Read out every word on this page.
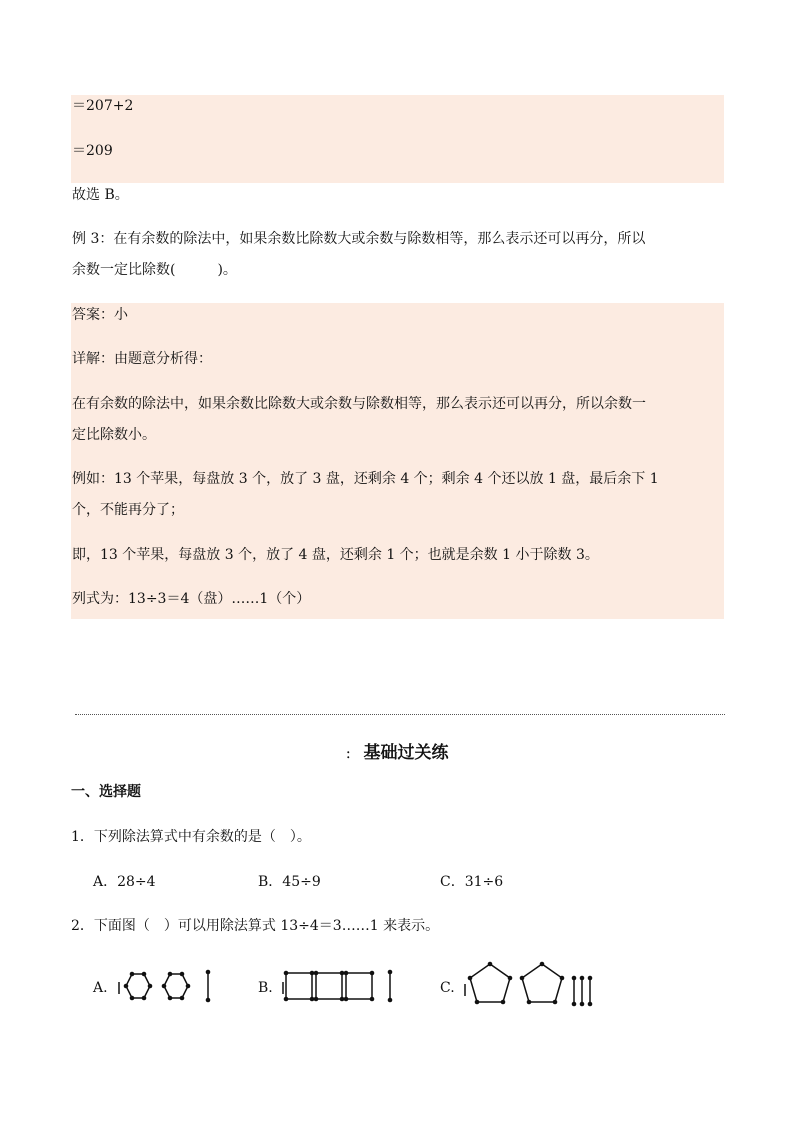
＝207+2
＝209
故选 B。
例 3：在有余数的除法中，如果余数比除数大或余数与除数相等，那么表示还可以再分，所以
余数一定比除数(　　　)。
答案：小
详解：由题意分析得：
在有余数的除法中，如果余数比除数大或余数与除数相等，那么表示还可以再分，所以余数一
定比除数小。
例如：13 个苹果，每盘放 3 个，放了 3 盘，还剩余 4 个；剩余 4 个还以放 1 盘，最后余下 1
个，不能再分了；
即，13 个苹果，每盘放 3 个，放了 4 盘，还剩余 1 个；也就是余数 1 小于除数 3。
列式为：13÷3＝4（盘）……1（个）
： 基础过关练
一、选择题
1．下列除法算式中有余数的是（　）。
A．28÷4	B．45÷9	C．31÷6
2．下面图（　）可以用除法算式 13÷4＝3……1 来表示。
A.	B.	C.
